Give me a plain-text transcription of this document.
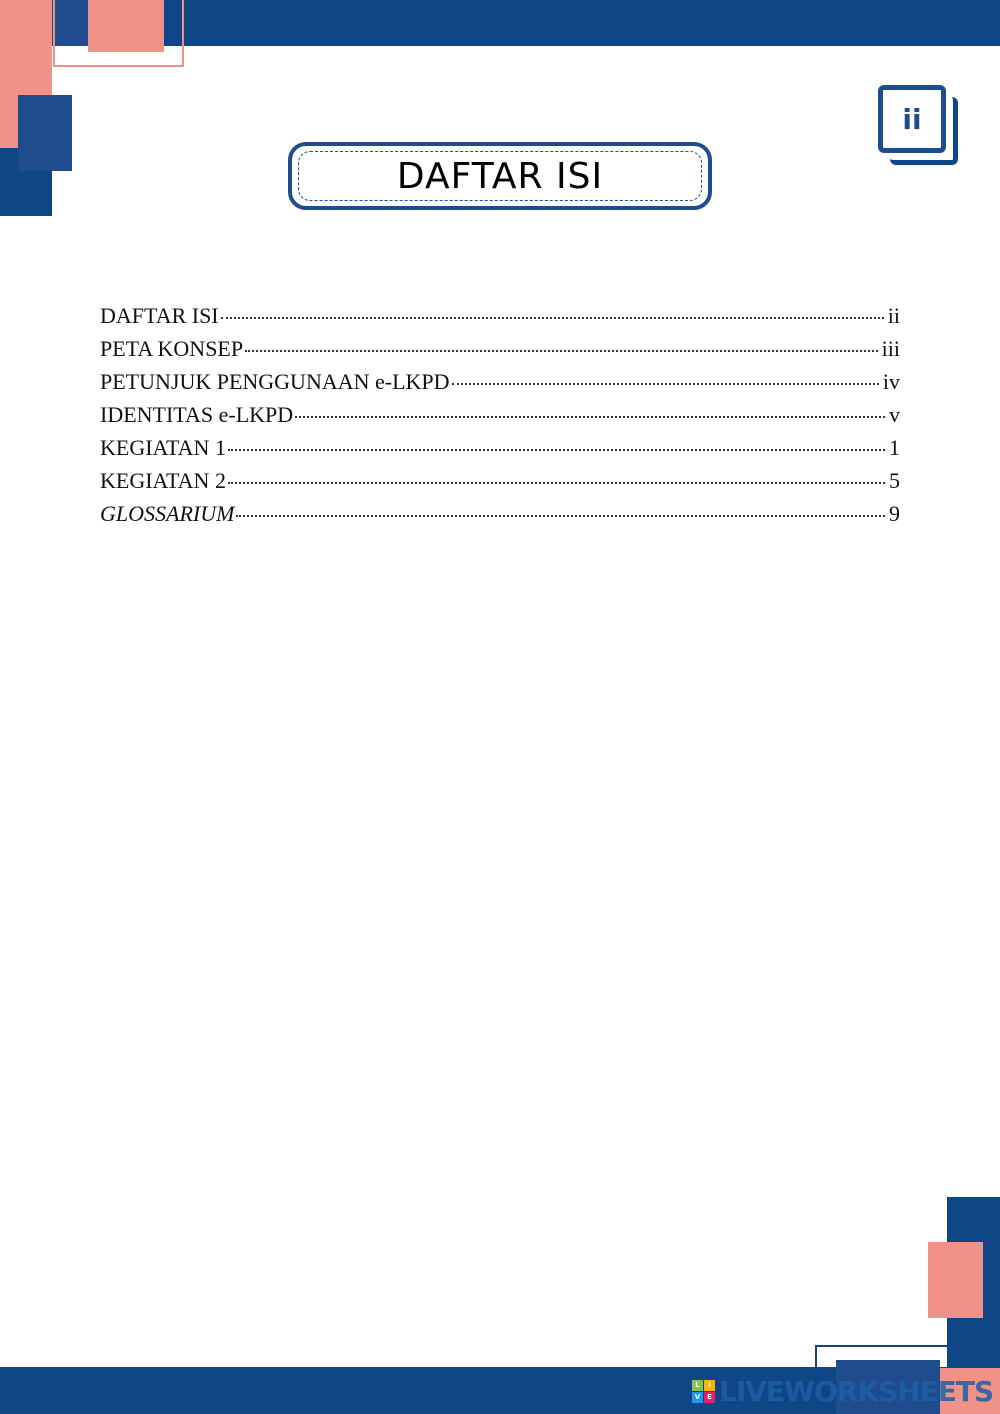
ii
DAFTAR ISI
DAFTAR ISI	ii
PETA KONSEP	iii
PETUNJUK PENGGUNAAN e-LKPD	iv
IDENTITAS e-LKPD	v
KEGIATAN 1	1
KEGIATAN 2	5
GLOSSARIUM	9
L	I
V E LIVEWORKSHEETS
